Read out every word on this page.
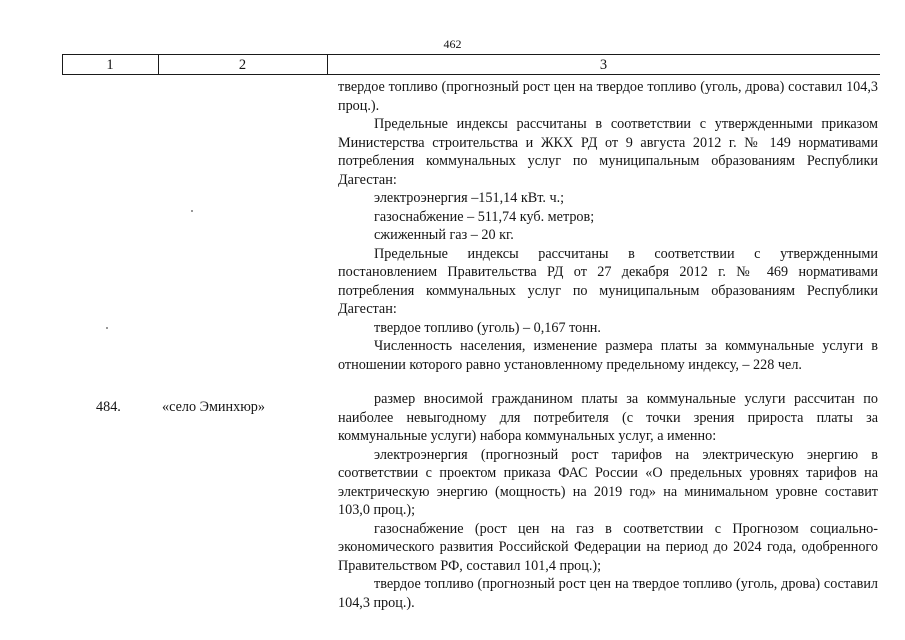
462
1	2	3

твердое топливо (прогнозный рост цен на твердое топливо (уголь, дрова) составил 104,3 проц.).

Предельные индексы рассчитаны в соответствии с утвержденными приказом Министерства строительства и ЖКХ РД от 9 августа 2012 г. № 149 нормативами потребления коммунальных услуг по муниципальным образованиям Республики Дагестан:

электроэнергия –151,14 кВт. ч.;

газоснабжение – 511,74 куб. метров;

сжиженный газ – 20 кг.

Предельные индексы рассчитаны в соответствии с утвержденными постановлением Правительства РД от 27 декабря 2012 г. № 469 нормативами потребления коммунальных услуг по муниципальным образованиям Республики Дагестан:

твердое топливо (уголь) – 0,167 тонн.

Численность населения, изменение размера платы за коммунальные услуги в отношении которого равно установленному предельному индексу, – 228 чел.

484.	«село Эминхюр»	размер вносимой гражданином платы за коммунальные услуги рассчитан по наиболее невыгодному для потребителя (с точки зрения прироста платы за коммунальные услуги) набора коммунальных услуг, а именно:

электроэнергия (прогнозный рост тарифов на электрическую энергию в соответствии с проектом приказа ФАС России «О предельных уровнях тарифов на электрическую энергию (мощность) на 2019 год» на минимальном уровне составит 103,0 проц.);

газоснабжение (рост цен на газ в соответствии с Прогнозом социально-экономического развития Российской Федерации на период до 2024 года, одобренного Правительством РФ, составил 101,4 проц.);

твердое топливо (прогнозный рост цен на твердое топливо (уголь, дрова) составил 104,3 проц.).
